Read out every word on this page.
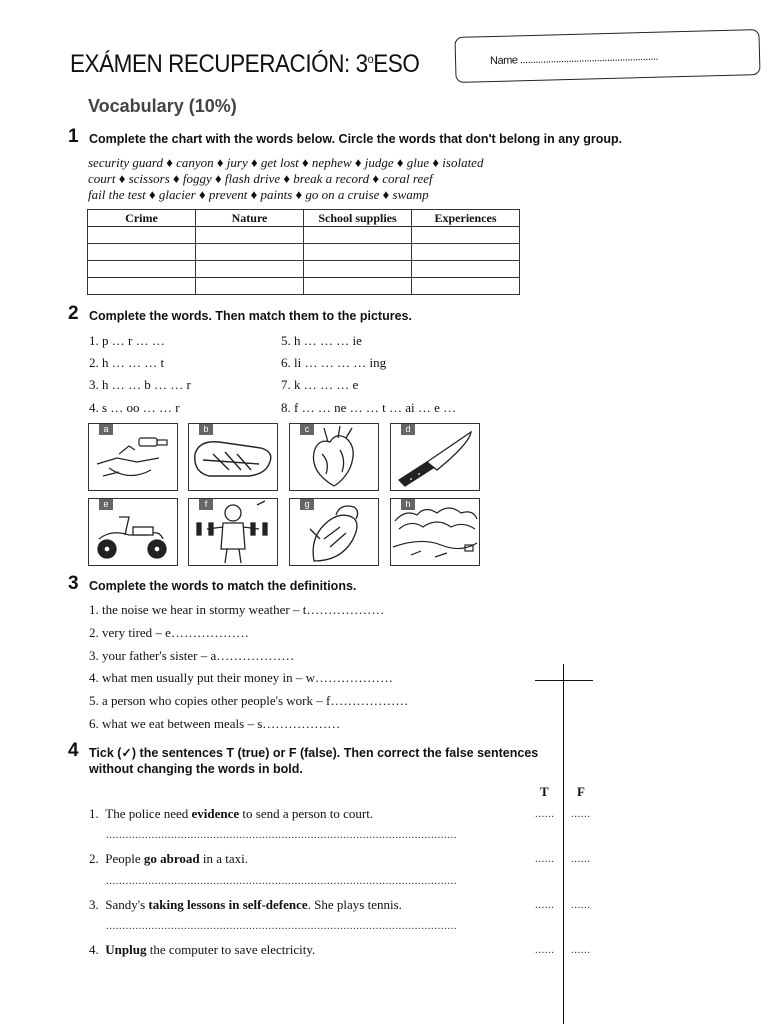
EXÁMEN RECUPERACIÓN: 3$^o$ESO	Name ......................................................
Vocabulary (10%)
1 Complete the chart with the words below. Circle the words that don't belong in any group.
security guard ♦ canyon ♦ jury ♦ get lost ♦ nephew ♦ judge ♦ glue ♦ isolated
court ♦ scissors ♦ foggy ♦ flash drive ♦ break a record ♦ coral reef
fail the test ♦ glacier ♦ prevent ♦ paints ♦ go on a cruise ♦ swamp
Crime	Nature	School supplies	Experiences

2 Complete the words. Then match them to the pictures.
1. p … r … …
2. h … … … t
3. h … … b … … r
4. s … oo … … r
5. h … … … ie
6. li … … … … ing
7. k … … … e
8. f … … ne … … t … ai … e …
a	b	c	d
e	f	g	h
3 Complete the words to match the definitions.
1. the noise we hear in stormy weather – t………………
2. very tired – e………………
3. your father's sister – a………………
4. what men usually put their money in – w………………
5. a person who copies other people's work – f………………
6. what we eat between meals – s………………
4 Tick (✓) the sentences T (true) or F (false). Then correct the false sentences
without changing the words in bold.
T F
1. The police need evidence to send a person to court.	...... ......
............................................................................................................
2. People go abroad in a taxi.	...... ......
............................................................................................................
3. Sandy's taking lessons in self-defence. She plays tennis.	...... ......
............................................................................................................
4. Unplug the computer to save electricity.	...... ......
